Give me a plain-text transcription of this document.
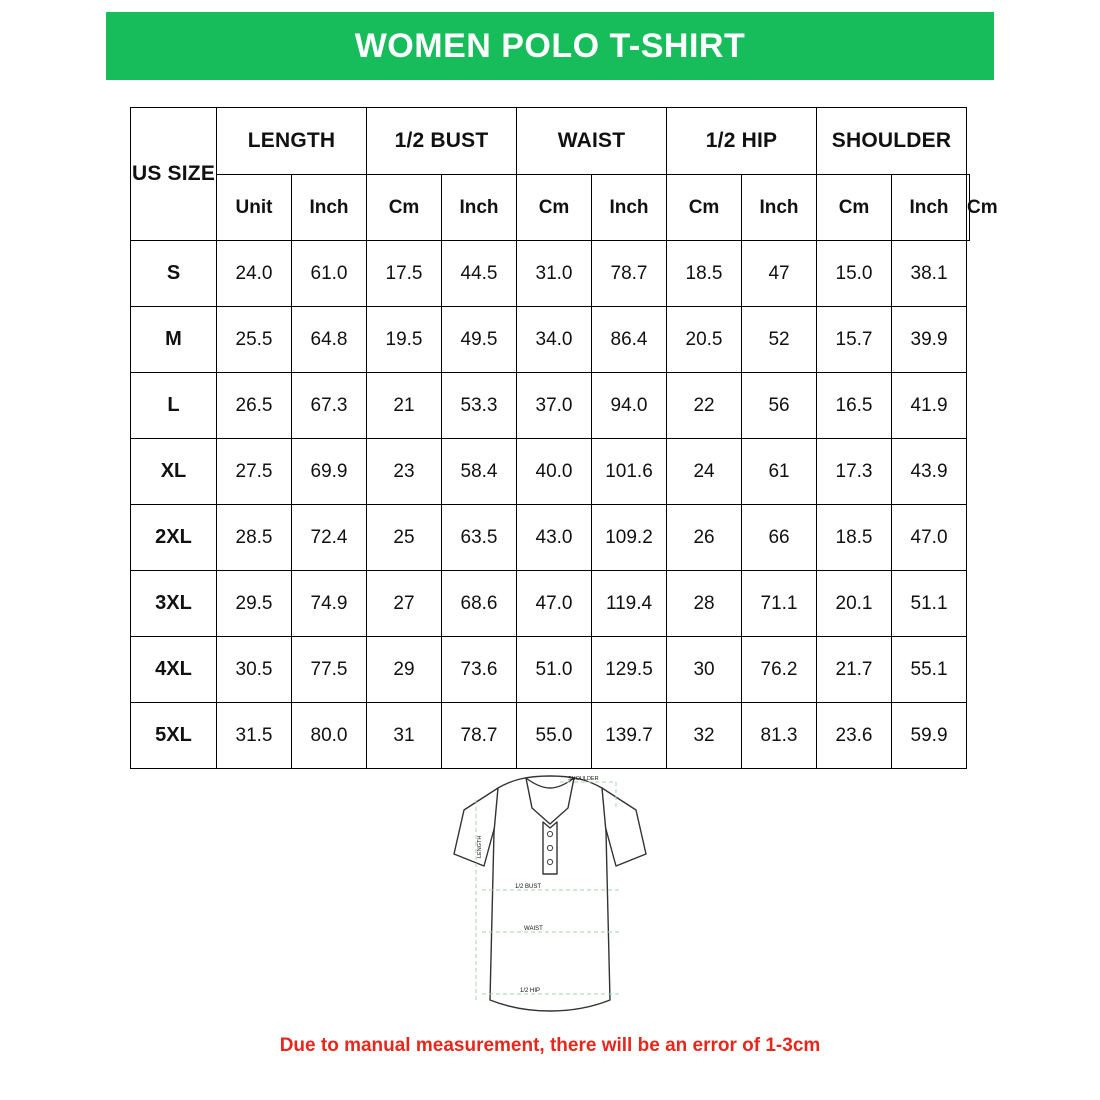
WOMEN POLO T-SHIRT
US SIZE	LENGTH		1/2 BUST		WAIST		1/2 HIP		SHOULDER		
	Unit	Inch	Cm	Inch	Cm	Inch	Cm	Inch	Cm	Inch	Cm
S	24.0	61.0	17.5	44.5	31.0	78.7	18.5	47	15.0	38.1	
M	25.5	64.8	19.5	49.5	34.0	86.4	20.5	52	15.7	39.9	
L	26.5	67.3	21	53.3	37.0	94.0	22	56	16.5	41.9	
XL	27.5	69.9	23	58.4	40.0	101.6	24	61	17.3	43.9	
2XL	28.5	72.4	25	63.5	43.0	109.2	26	66	18.5	47.0	
3XL	29.5	74.9	27	68.6	47.0	119.4	28	71.1	20.1	51.1	
4XL	30.5	77.5	29	73.6	51.0	129.5	30	76.2	21.7	55.1	
5XL	31.5	80.0	31	78.7	55.0	139.7	32	81.3	23.6	59.9	
SHOULDER
LENGTH
1/2 BUST
WAIST
1/2 HIP
Due to manual measurement, there will be an error of 1-3cm
